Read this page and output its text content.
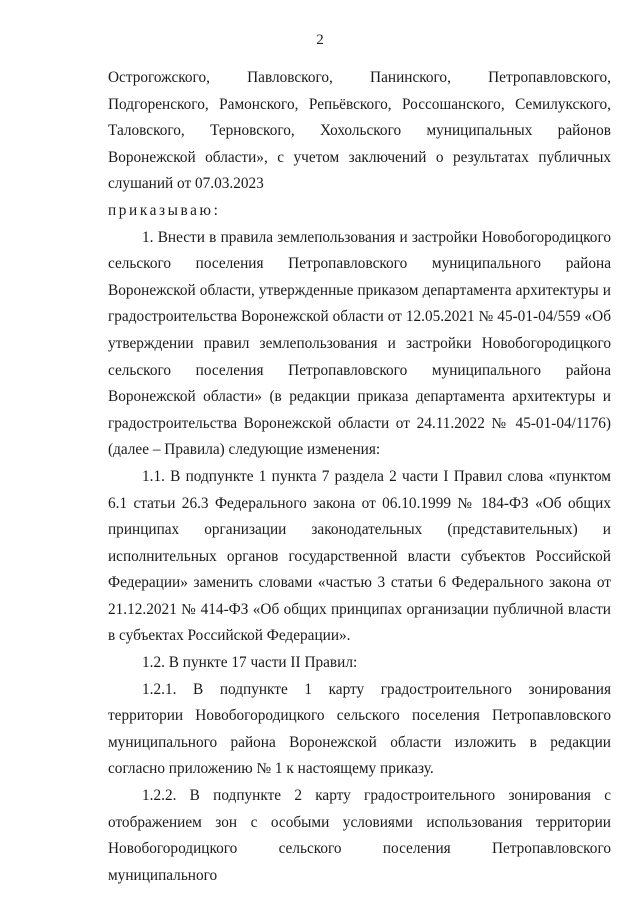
2

Острогожского, Павловского, Панинского, Петропавловского, Подгоренского, Рамонского, Репьёвского, Россошанского, Семилукского, Таловского, Терновского, Хохольского муниципальных районов Воронежской области», с учетом заключений о результатах публичных слушаний от 07.03.2023

приказываю:

1. Внести в правила землепользования и застройки Новобогородицкого сельского поселения Петропавловского муниципального района Воронежской области, утвержденные приказом департамента архитектуры и градостроительства Воронежской области от 12.05.2021 № 45-01-04/559 «Об утверждении правил землепользования и застройки Новобогородицкого сельского поселения Петропавловского муниципального района Воронежской области» (в редакции приказа департамента архитектуры и градостроительства Воронежской области от 24.11.2022 № 45-01-04/1176) (далее – Правила) следующие изменения:

1.1. В подпункте 1 пункта 7 раздела 2 части I Правил слова «пунктом 6.1 статьи 26.3 Федерального закона от 06.10.1999 № 184-ФЗ «Об общих принципах организации законодательных (представительных) и исполнительных органов государственной власти субъектов Российской Федерации» заменить словами «частью 3 статьи 6 Федерального закона от 21.12.2021 № 414-ФЗ «Об общих принципах организации публичной власти в субъектах Российской Федерации».

1.2. В пункте 17 части II Правил:

1.2.1. В подпункте 1 карту градостроительного зонирования территории Новобогородицкого сельского поселения Петропавловского муниципального района Воронежской области изложить в редакции согласно приложению № 1 к настоящему приказу.

1.2.2. В подпункте 2 карту градостроительного зонирования с отображением зон с особыми условиями использования территории Новобогородицкого сельского поселения Петропавловского муниципального
